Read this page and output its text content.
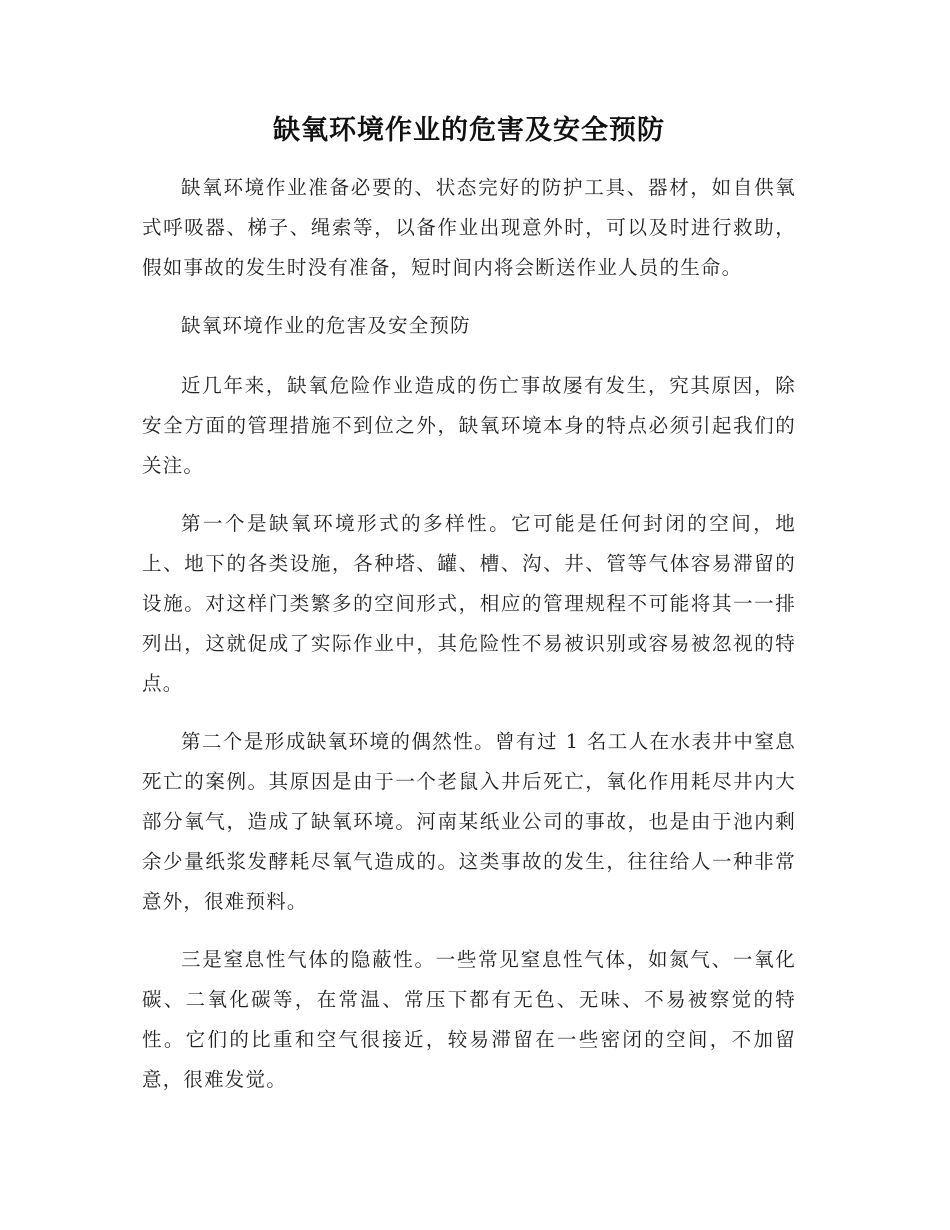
缺氧环境作业的危害及安全预防

缺氧环境作业准备必要的、状态完好的防护工具、器材，如自供氧式呼吸器、梯子、绳索等，以备作业出现意外时，可以及时进行救助，假如事故的发生时没有准备，短时间内将会断送作业人员的生命。

缺氧环境作业的危害及安全预防

近几年来，缺氧危险作业造成的伤亡事故屡有发生，究其原因，除安全方面的管理措施不到位之外，缺氧环境本身的特点必须引起我们的关注。

第一个是缺氧环境形式的多样性。它可能是任何封闭的空间，地上、地下的各类设施，各种塔、罐、槽、沟、井、管等气体容易滞留的设施。对这样门类繁多的空间形式，相应的管理规程不可能将其一一排列出，这就促成了实际作业中，其危险性不易被识别或容易被忽视的特点。

第二个是形成缺氧环境的偶然性。曾有过 1 名工人在水表井中窒息死亡的案例。其原因是由于一个老鼠入井后死亡，氧化作用耗尽井内大部分氧气，造成了缺氧环境。河南某纸业公司的事故，也是由于池内剩余少量纸浆发酵耗尽氧气造成的。这类事故的发生，往往给人一种非常意外，很难预料。

三是窒息性气体的隐蔽性。一些常见窒息性气体，如氮气、一氧化碳、二氧化碳等，在常温、常压下都有无色、无味、不易被察觉的特性。它们的比重和空气很接近，较易滞留在一些密闭的空间，不加留意，很难发觉。
